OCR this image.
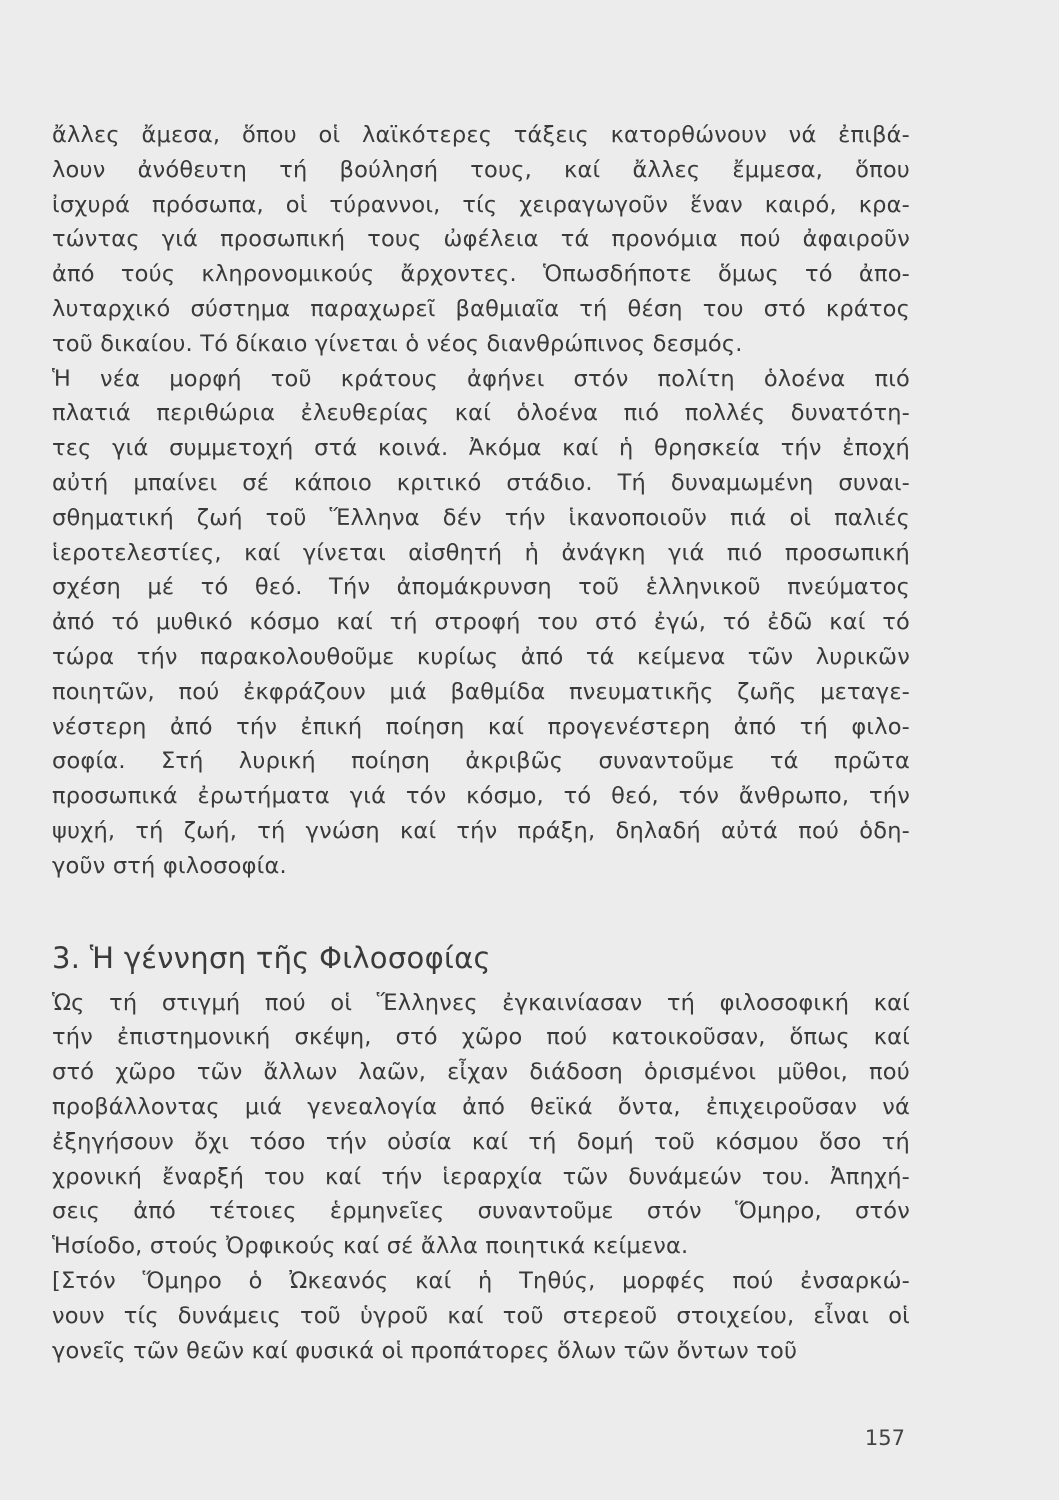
ἄλλες ἄμεσα, ὅπου οἱ λαϊκότερες τάξεις κατορθώνουν νά ἐπιβά-
λουν ἀνόθευτη τή βούλησή τους, καί ἄλλες ἔμμεσα, ὅπου
ἰσχυρά πρόσωπα, οἱ τύραννοι, τίς χειραγωγοῦν ἕναν καιρό, κρα-
τώντας γιά προσωπική τους ὠφέλεια τά προνόμια πού ἀφαιροῦν
ἀπό τούς κληρονομικούς ἄρχοντες. Ὁπωσδήποτε ὅμως τό ἀπο-
λυταρχικό σύστημα παραχωρεῖ βαθμιαῖα τή θέση του στό κράτος
τοῦ δικαίου. Τό δίκαιο γίνεται ὁ νέος διανθρώπινος δεσμός.
Ἡ νέα μορφή τοῦ κράτους ἀφήνει στόν πολίτη ὁλοένα πιό
πλατιά περιθώρια ἐλευθερίας καί ὁλοένα πιό πολλές δυνατότη-
τες γιά συμμετοχή στά κοινά. Ἀκόμα καί ἡ θρησκεία τήν ἐποχή
αὐτή μπαίνει σέ κάποιο κριτικό στάδιο. Τή δυναμωμένη συναι-
σθηματική ζωή τοῦ Ἕλληνα δέν τήν ἱκανοποιοῦν πιά οἱ παλιές
ἱεροτελεστίες, καί γίνεται αἰσθητή ἡ ἀνάγκη γιά πιό προσωπική
σχέση μέ τό θεό. Τήν ἀπομάκρυνση τοῦ ἑλληνικοῦ πνεύματος
ἀπό τό μυθικό κόσμο καί τή στροφή του στό ἐγώ, τό ἐδῶ καί τό
τώρα τήν παρακολουθοῦμε κυρίως ἀπό τά κείμενα τῶν λυρικῶν
ποιητῶν, πού ἐκφράζουν μιά βαθμίδα πνευματικῆς ζωῆς μεταγε-
νέστερη ἀπό τήν ἐπική ποίηση καί προγενέστερη ἀπό τή φιλο-
σοφία. Στή λυρική ποίηση ἀκριβῶς συναντοῦμε τά πρῶτα
προσωπικά ἐρωτήματα γιά τόν κόσμο, τό θεό, τόν ἄνθρωπο, τήν
ψυχή, τή ζωή, τή γνώση καί τήν πράξη, δηλαδή αὐτά πού ὁδη-
γοῦν στή φιλοσοφία.
3. Ἡ γέννηση τῆς Φιλοσοφίας
Ὡς τή στιγμή πού οἱ Ἕλληνες ἐγκαινίασαν τή φιλοσοφική καί
τήν ἐπιστημονική σκέψη, στό χῶρο πού κατοικοῦσαν, ὅπως καί
στό χῶρο τῶν ἄλλων λαῶν, εἶχαν διάδοση ὁρισμένοι μῦθοι, πού
προβάλλοντας μιά γενεαλογία ἀπό θεϊκά ὄντα, ἐπιχειροῦσαν νά
ἐξηγήσουν ὄχι τόσο τήν οὐσία καί τή δομή τοῦ κόσμου ὅσο τή
χρονική ἔναρξή του καί τήν ἱεραρχία τῶν δυνάμεών του. Ἀπηχή-
σεις ἀπό τέτοιες ἑρμηνεῖες συναντοῦμε στόν Ὅμηρο, στόν
Ἡσίοδο, στούς Ὀρφικούς καί σέ ἄλλα ποιητικά κείμενα.
[Στόν Ὅμηρο ὁ Ὠκεανός καί ἡ Τηθύς, μορφές πού ἐνσαρκώ-
νουν τίς δυνάμεις τοῦ ὑγροῦ καί τοῦ στερεοῦ στοιχείου, εἶναι οἱ
γονεῖς τῶν θεῶν καί φυσικά οἱ προπάτορες ὅλων τῶν ὄντων τοῦ
157
